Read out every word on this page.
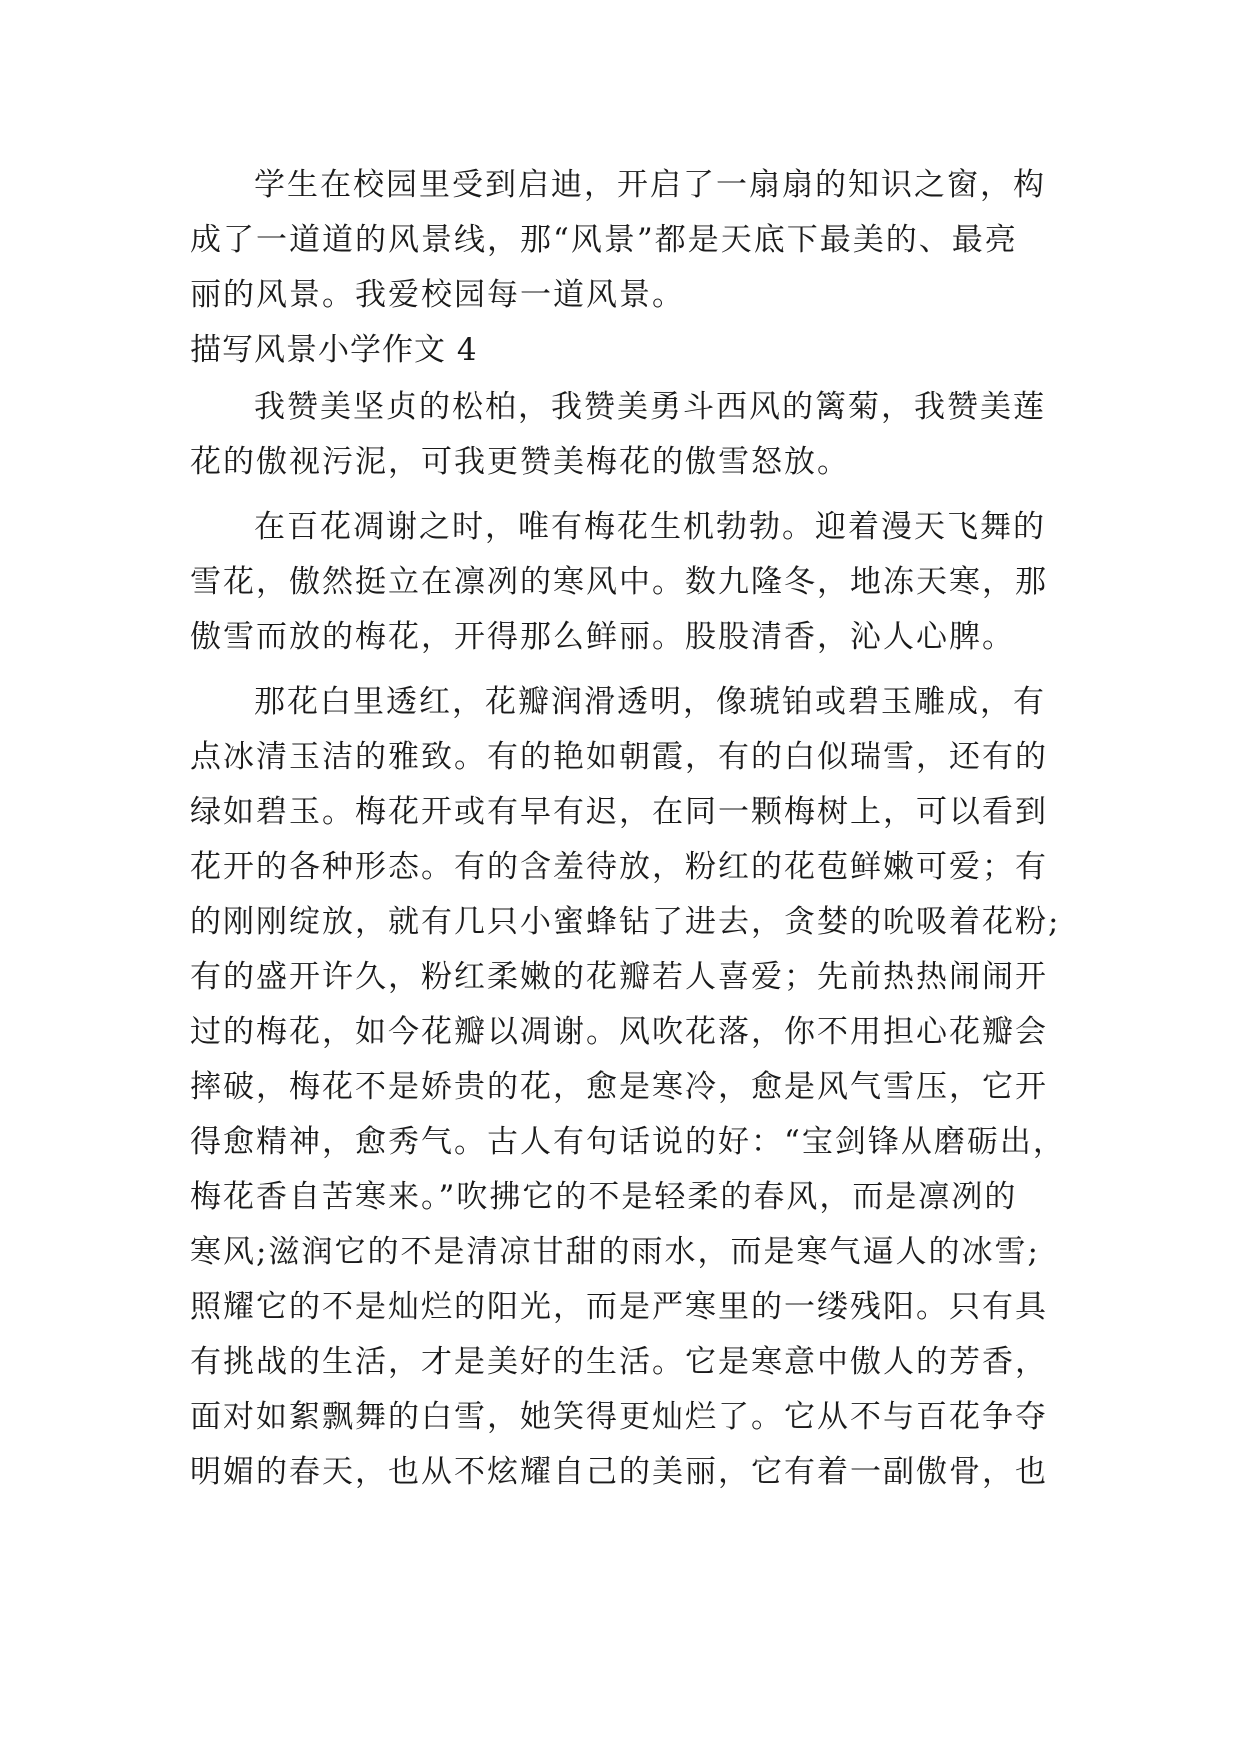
学生在校园里受到启迪，开启了一扇扇的知识之窗，构
成了一道道的风景线，那“风景”都是天底下最美的、最亮
丽的风景。我爱校园每一道风景。
描写风景小学作文 4
我赞美坚贞的松柏，我赞美勇斗西风的篱菊，我赞美莲
花的傲视污泥，可我更赞美梅花的傲雪怒放。
在百花凋谢之时，唯有梅花生机勃勃。迎着漫天飞舞的
雪花，傲然挺立在凛冽的寒风中。数九隆冬，地冻天寒，那
傲雪而放的梅花，开得那么鲜丽。股股清香，沁人心脾。
那花白里透红，花瓣润滑透明，像琥铂或碧玉雕成，有
点冰清玉洁的雅致。有的艳如朝霞，有的白似瑞雪，还有的
绿如碧玉。梅花开或有早有迟，在同一颗梅树上，可以看到
花开的各种形态。有的含羞待放，粉红的花苞鲜嫩可爱；有
的刚刚绽放，就有几只小蜜蜂钻了进去，贪婪的吮吸着花粉;
有的盛开许久，粉红柔嫩的花瓣若人喜爱；先前热热闹闹开
过的梅花，如今花瓣以凋谢。风吹花落，你不用担心花瓣会
摔破，梅花不是娇贵的花，愈是寒冷，愈是风气雪压，它开
得愈精神，愈秀气。古人有句话说的好：“宝剑锋从磨砺出，
梅花香自苦寒来。”吹拂它的不是轻柔的春风，而是凛冽的
寒风;滋润它的不是清凉甘甜的雨水，而是寒气逼人的冰雪;
照耀它的不是灿烂的阳光，而是严寒里的一缕残阳。只有具
有挑战的生活，才是美好的生活。它是寒意中傲人的芳香，
面对如絮飘舞的白雪，她笑得更灿烂了。它从不与百花争夺
明媚的春天，也从不炫耀自己的美丽，它有着一副傲骨，也
